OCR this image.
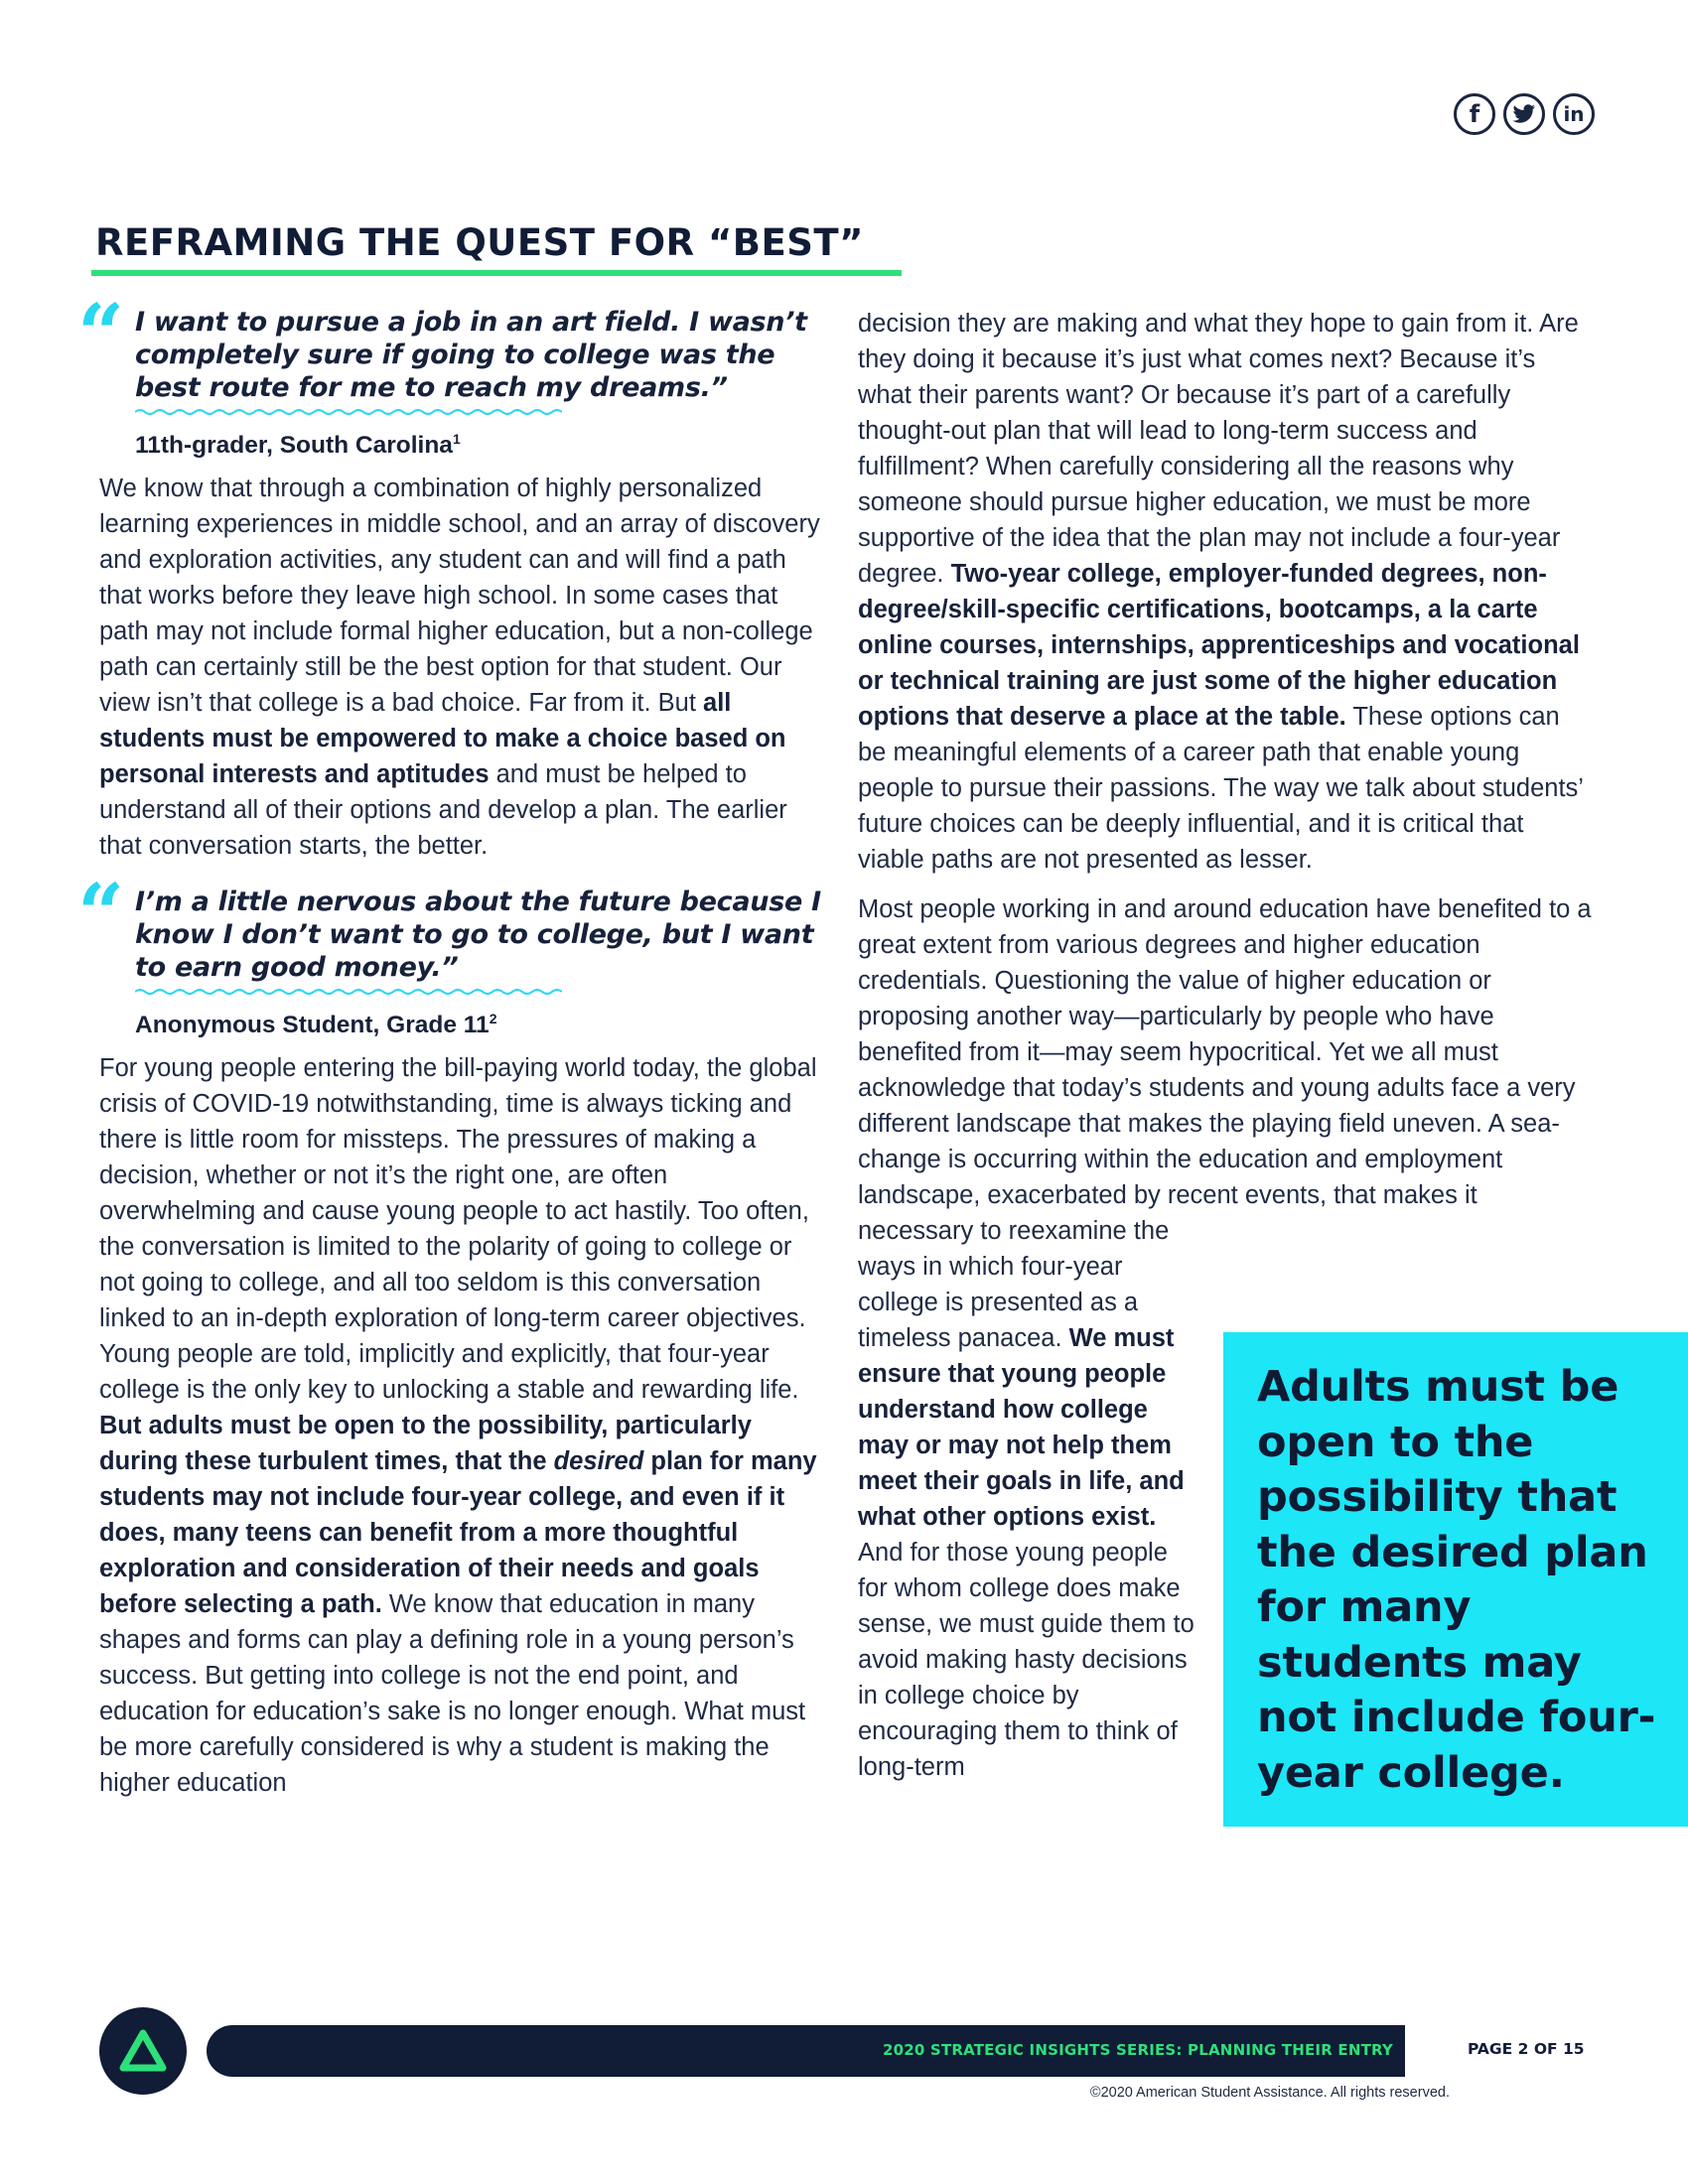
f	in
REFRAMING THE QUEST FOR “BEST”
“ I want to pursue a job in an art field. I wasn’t completely sure if going to college was the best route for me to reach my dreams.”
11th-grader, South Carolina$^1$

We know that through a combination of highly personalized learning experiences in middle school, and an array of discovery and exploration activities, any student can and will find a path that works before they leave high school. In some cases that path may not include formal higher education, but a non-college path can certainly still be the best option for that student. Our view isn’t that college is a bad choice. Far from it. But all students must be empowered to make a choice based on personal interests and aptitudes and must be helped to understand all of their options and develop a plan. The earlier that conversation starts, the better.

“ I’m a little nervous about the future because I know I don’t want to go to college, but I want to earn good money.”
Anonymous Student, Grade $11^2$

For young people entering the bill-paying world today, the global crisis of COVID-19 notwithstanding, time is always ticking and there is little room for missteps. The pressures of making a decision, whether or not it’s the right one, are often overwhelming and cause young people to act hastily. Too often, the conversation is limited to the polarity of going to college or not going to college, and all too seldom is this conversation linked to an in-depth exploration of long-term career objectives. Young people are told, implicitly and explicitly, that four-year college is the only key to unlocking a stable and rewarding life. But adults must be open to the possibility, particularly during these turbulent times, that the desired plan for many students may not include four-year college, and even if it does, many teens can benefit from a more thoughtful exploration and consideration of their needs and goals before selecting a path. We know that education in many shapes and forms can play a defining role in a young person’s success. But getting into college is not the end point, and education for education’s sake is no longer enough. What must be more carefully considered is why a student is making the higher education

decision they are making and what they hope to gain from it. Are they doing it because it’s just what comes next? Because it’s what their parents want? Or because it’s part of a carefully thought-out plan that will lead to long-term success and fulfillment? When carefully considering all the reasons why someone should pursue higher education, we must be more supportive of the idea that the plan may not include a four-year degree. Two-year college, employer-funded degrees, non-degree/skill-specific certifications, bootcamps, a la carte online courses, internships, apprenticeships and vocational or technical training are just some of the higher education options that deserve a place at the table. These options can be meaningful elements of a career path that enable young people to pursue their passions. The way we talk about students’ future choices can be deeply influential, and it is critical that viable paths are not presented as lesser.

Most people working in and around education have benefited to a great extent from various degrees and higher education credentials. Questioning the value of higher education or proposing another way—particularly by people who have benefited from it—may seem hypocritical. Yet we all must acknowledge that today’s students and young adults face a very different landscape that makes the playing field uneven. A sea-change is occurring within the education and employment landscape, exacerbated by recent events, that makes it necessary to reexamine the

ways in which four-year college is presented as a timeless panacea. We must ensure that young people understand how college may or may not help them meet their goals in life, and what other options exist. And for those young people for whom college does make sense, we must guide them to avoid making hasty decisions in college choice by encouraging them to think of long-term

Adults must be open to the possibility that the desired plan for many students may not include four-year college.
2020 STRATEGIC INSIGHTS SERIES: PLANNING THEIR ENTRY	PAGE 2 OF 15
©2020 American Student Assistance. All rights reserved.
